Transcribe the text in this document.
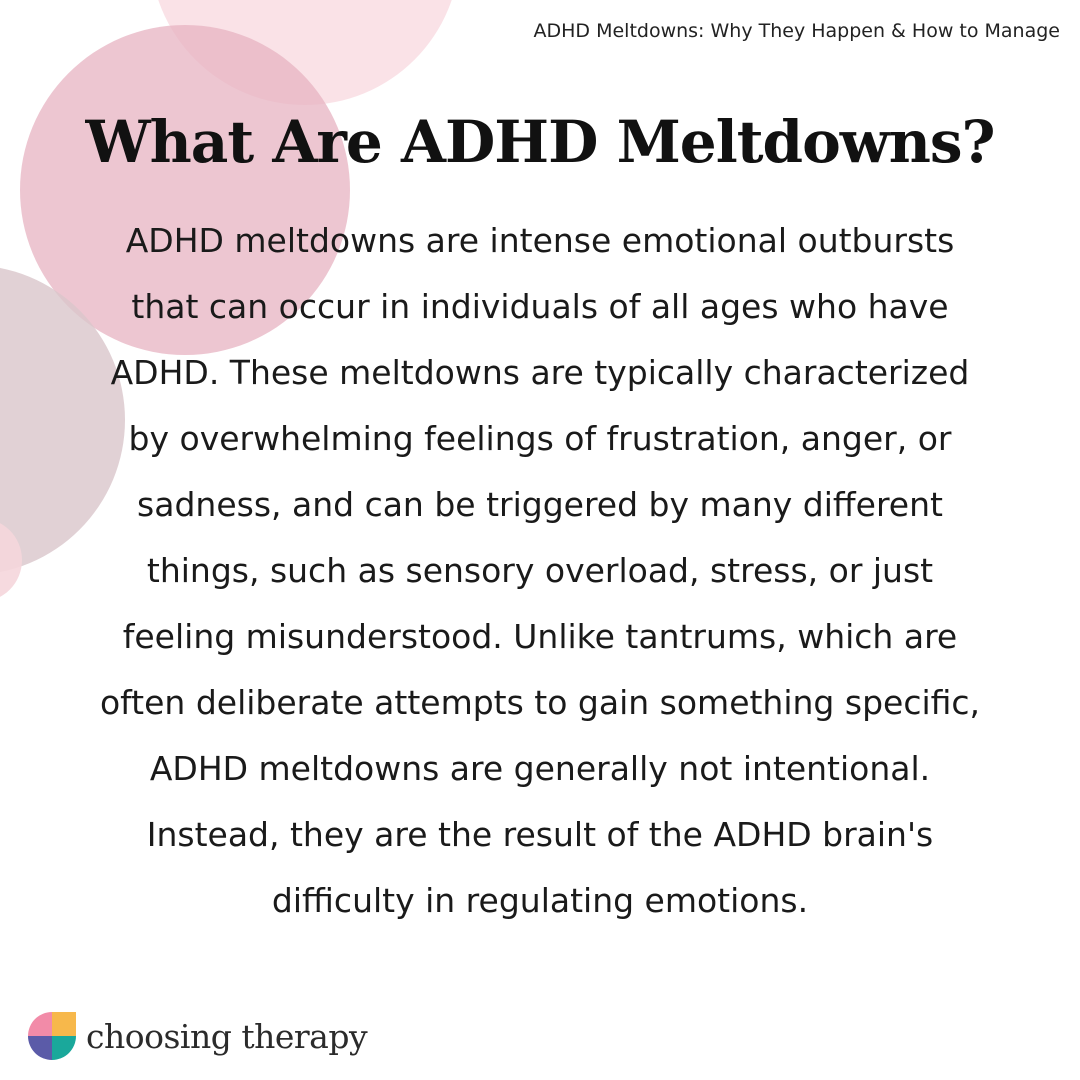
ADHD Meltdowns: Why They Happen & How to Manage
What Are ADHD Meltdowns?

ADHD meltdowns are intense emotional outbursts that can occur in individuals of all ages who have ADHD. These meltdowns are typically characterized by overwhelming feelings of frustration, anger, or sadness, and can be triggered by many different things, such as sensory overload, stress, or just feeling misunderstood. Unlike tantrums, which are often deliberate attempts to gain something specific, ADHD meltdowns are generally not intentional. Instead, they are the result of the ADHD brain's difficulty in regulating emotions.

choosing therapy
